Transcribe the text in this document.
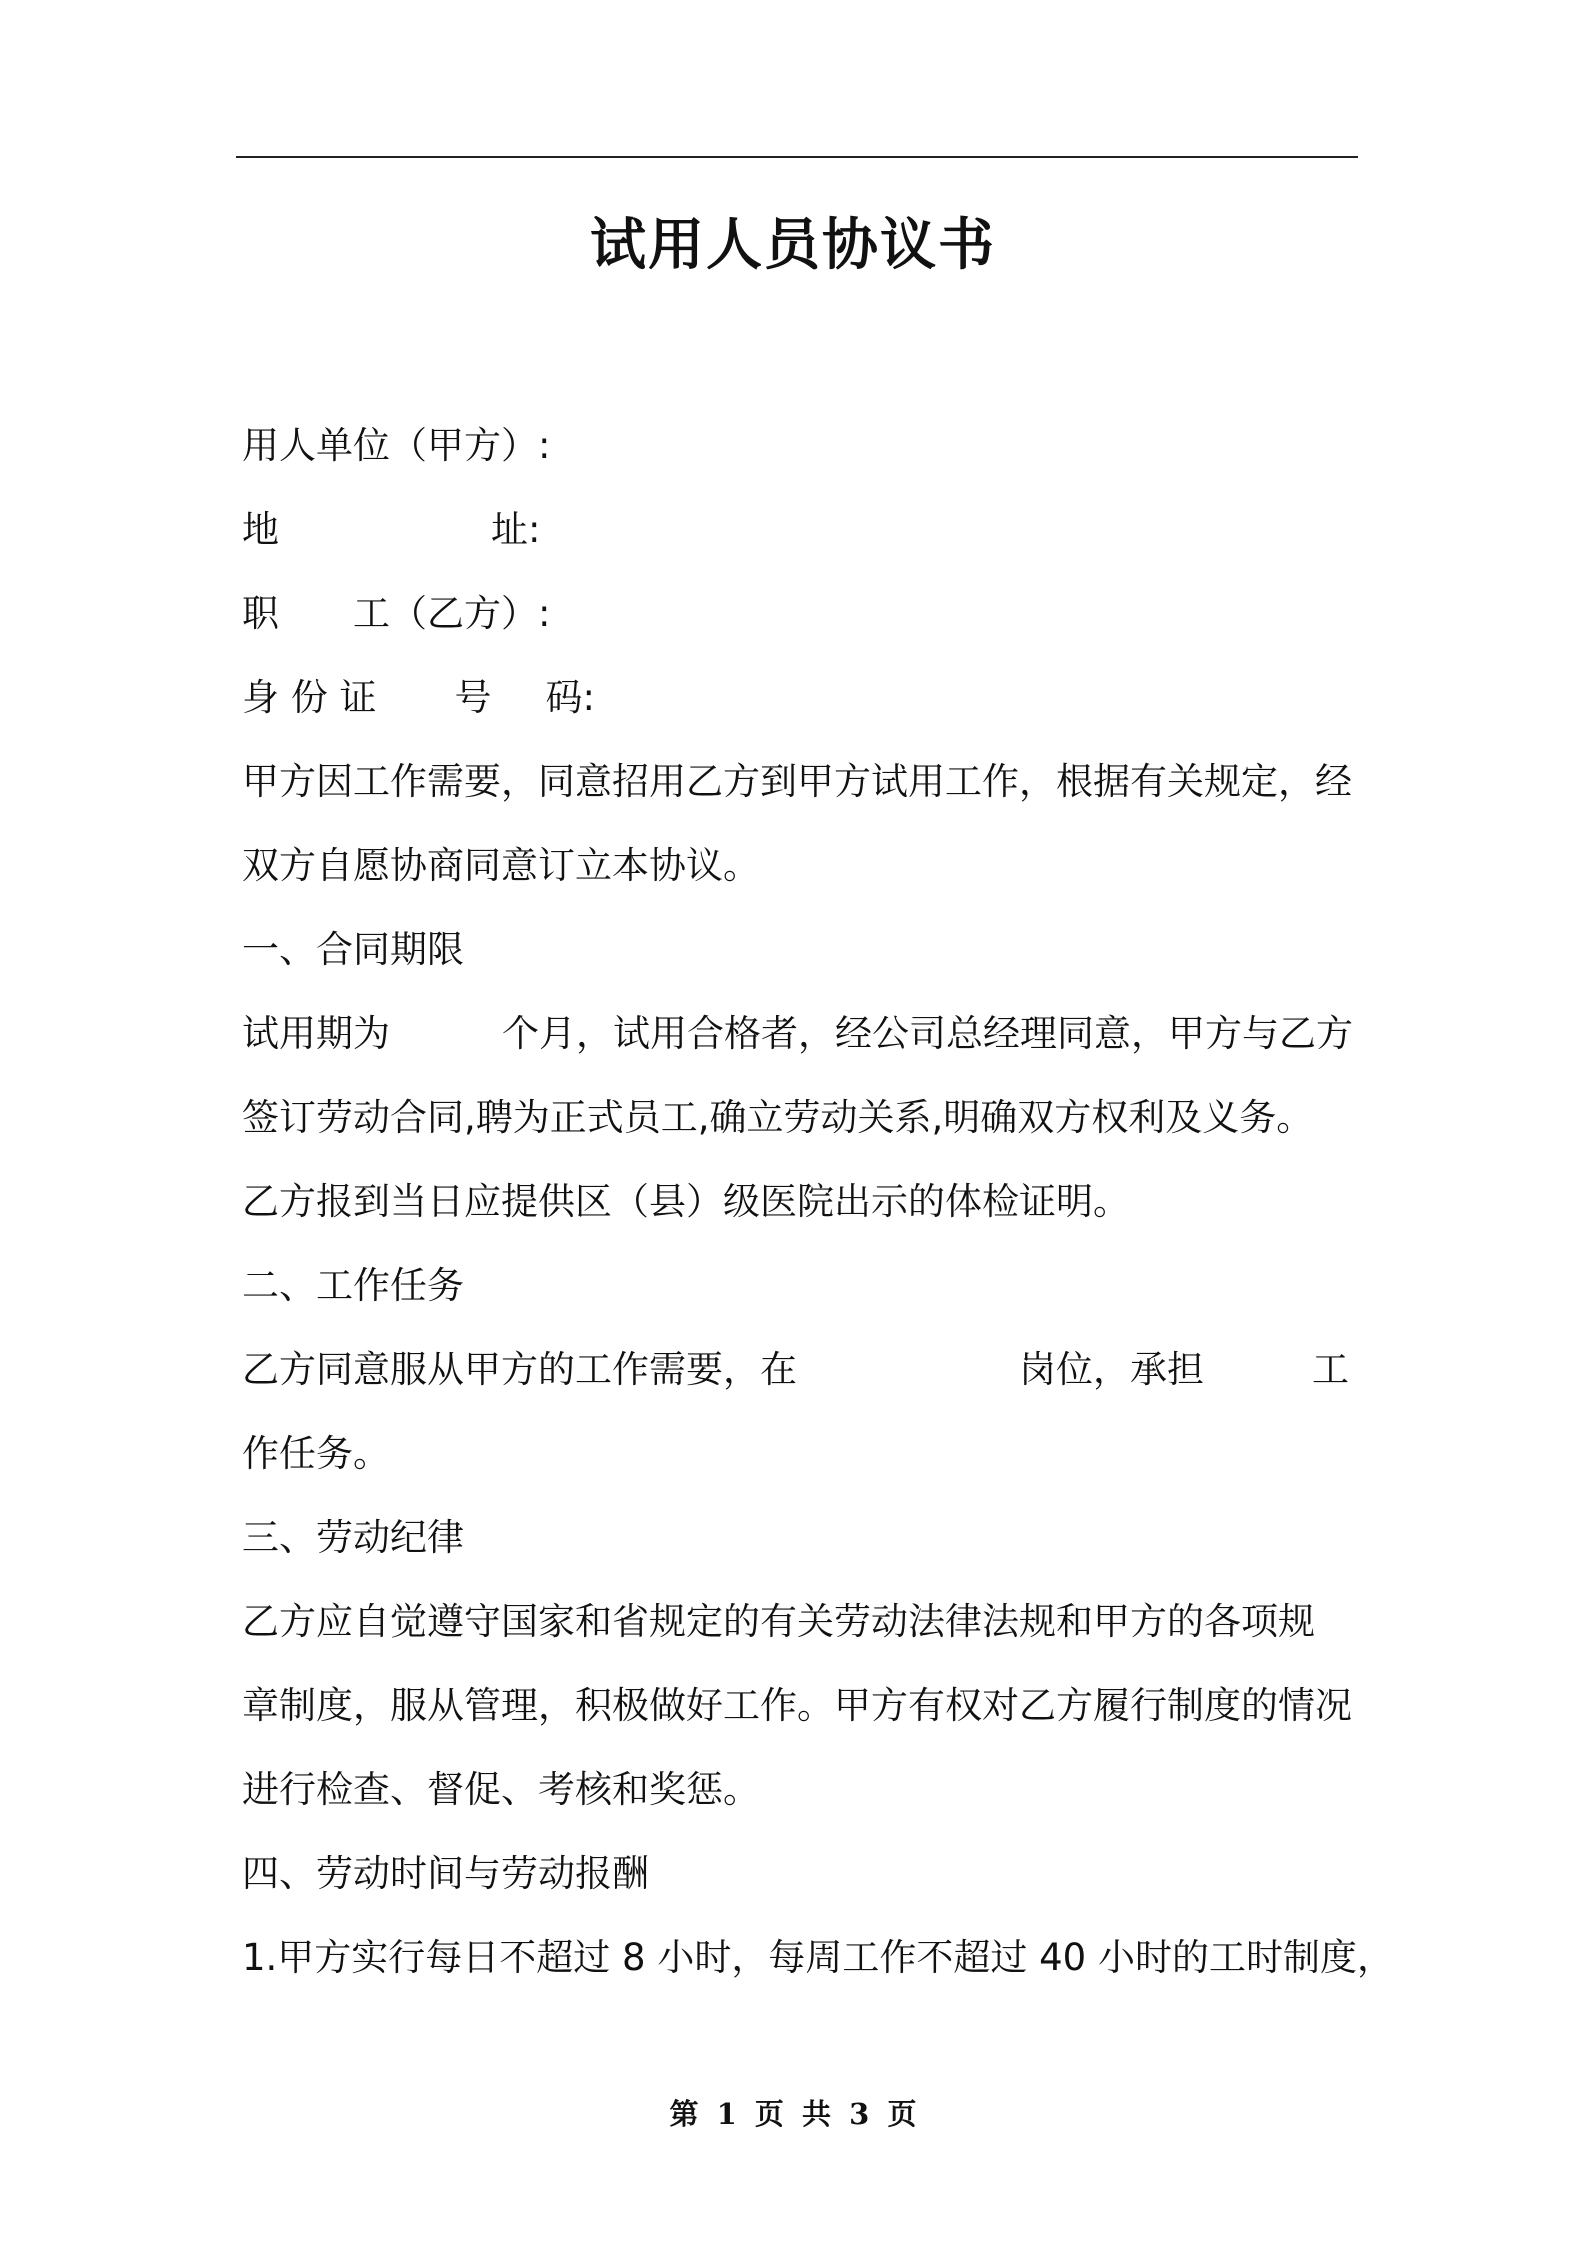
试用人员协议书
用人单位（甲方）:
地	址:
职 工（乙方）:
身 份 证 号 码:
甲方因工作需要，同意招用乙方到甲方试用工作，根据有关规定，经
双方自愿协商同意订立本协议。
一、合同期限
试用期为	个月，试用合格者，经公司总经理同意，甲方与乙方
签订劳动合同,聘为正式员工,确立劳动关系,明确双方权利及义务。
乙方报到当日应提供区（县）级医院出示的体检证明。
二、工作任务
乙方同意服从甲方的工作需要，在	岗位，承担	工
作任务。
三、劳动纪律
乙方应自觉遵守国家和省规定的有关劳动法律法规和甲方的各项规
章制度，服从管理，积极做好工作。甲方有权对乙方履行制度的情况
进行检查、督促、考核和奖惩。
四、劳动时间与劳动报酬
1.甲方实行每日不超过 8 小时，每周工作不超过 40 小时的工时制度，
第 1 页 共 3 页
